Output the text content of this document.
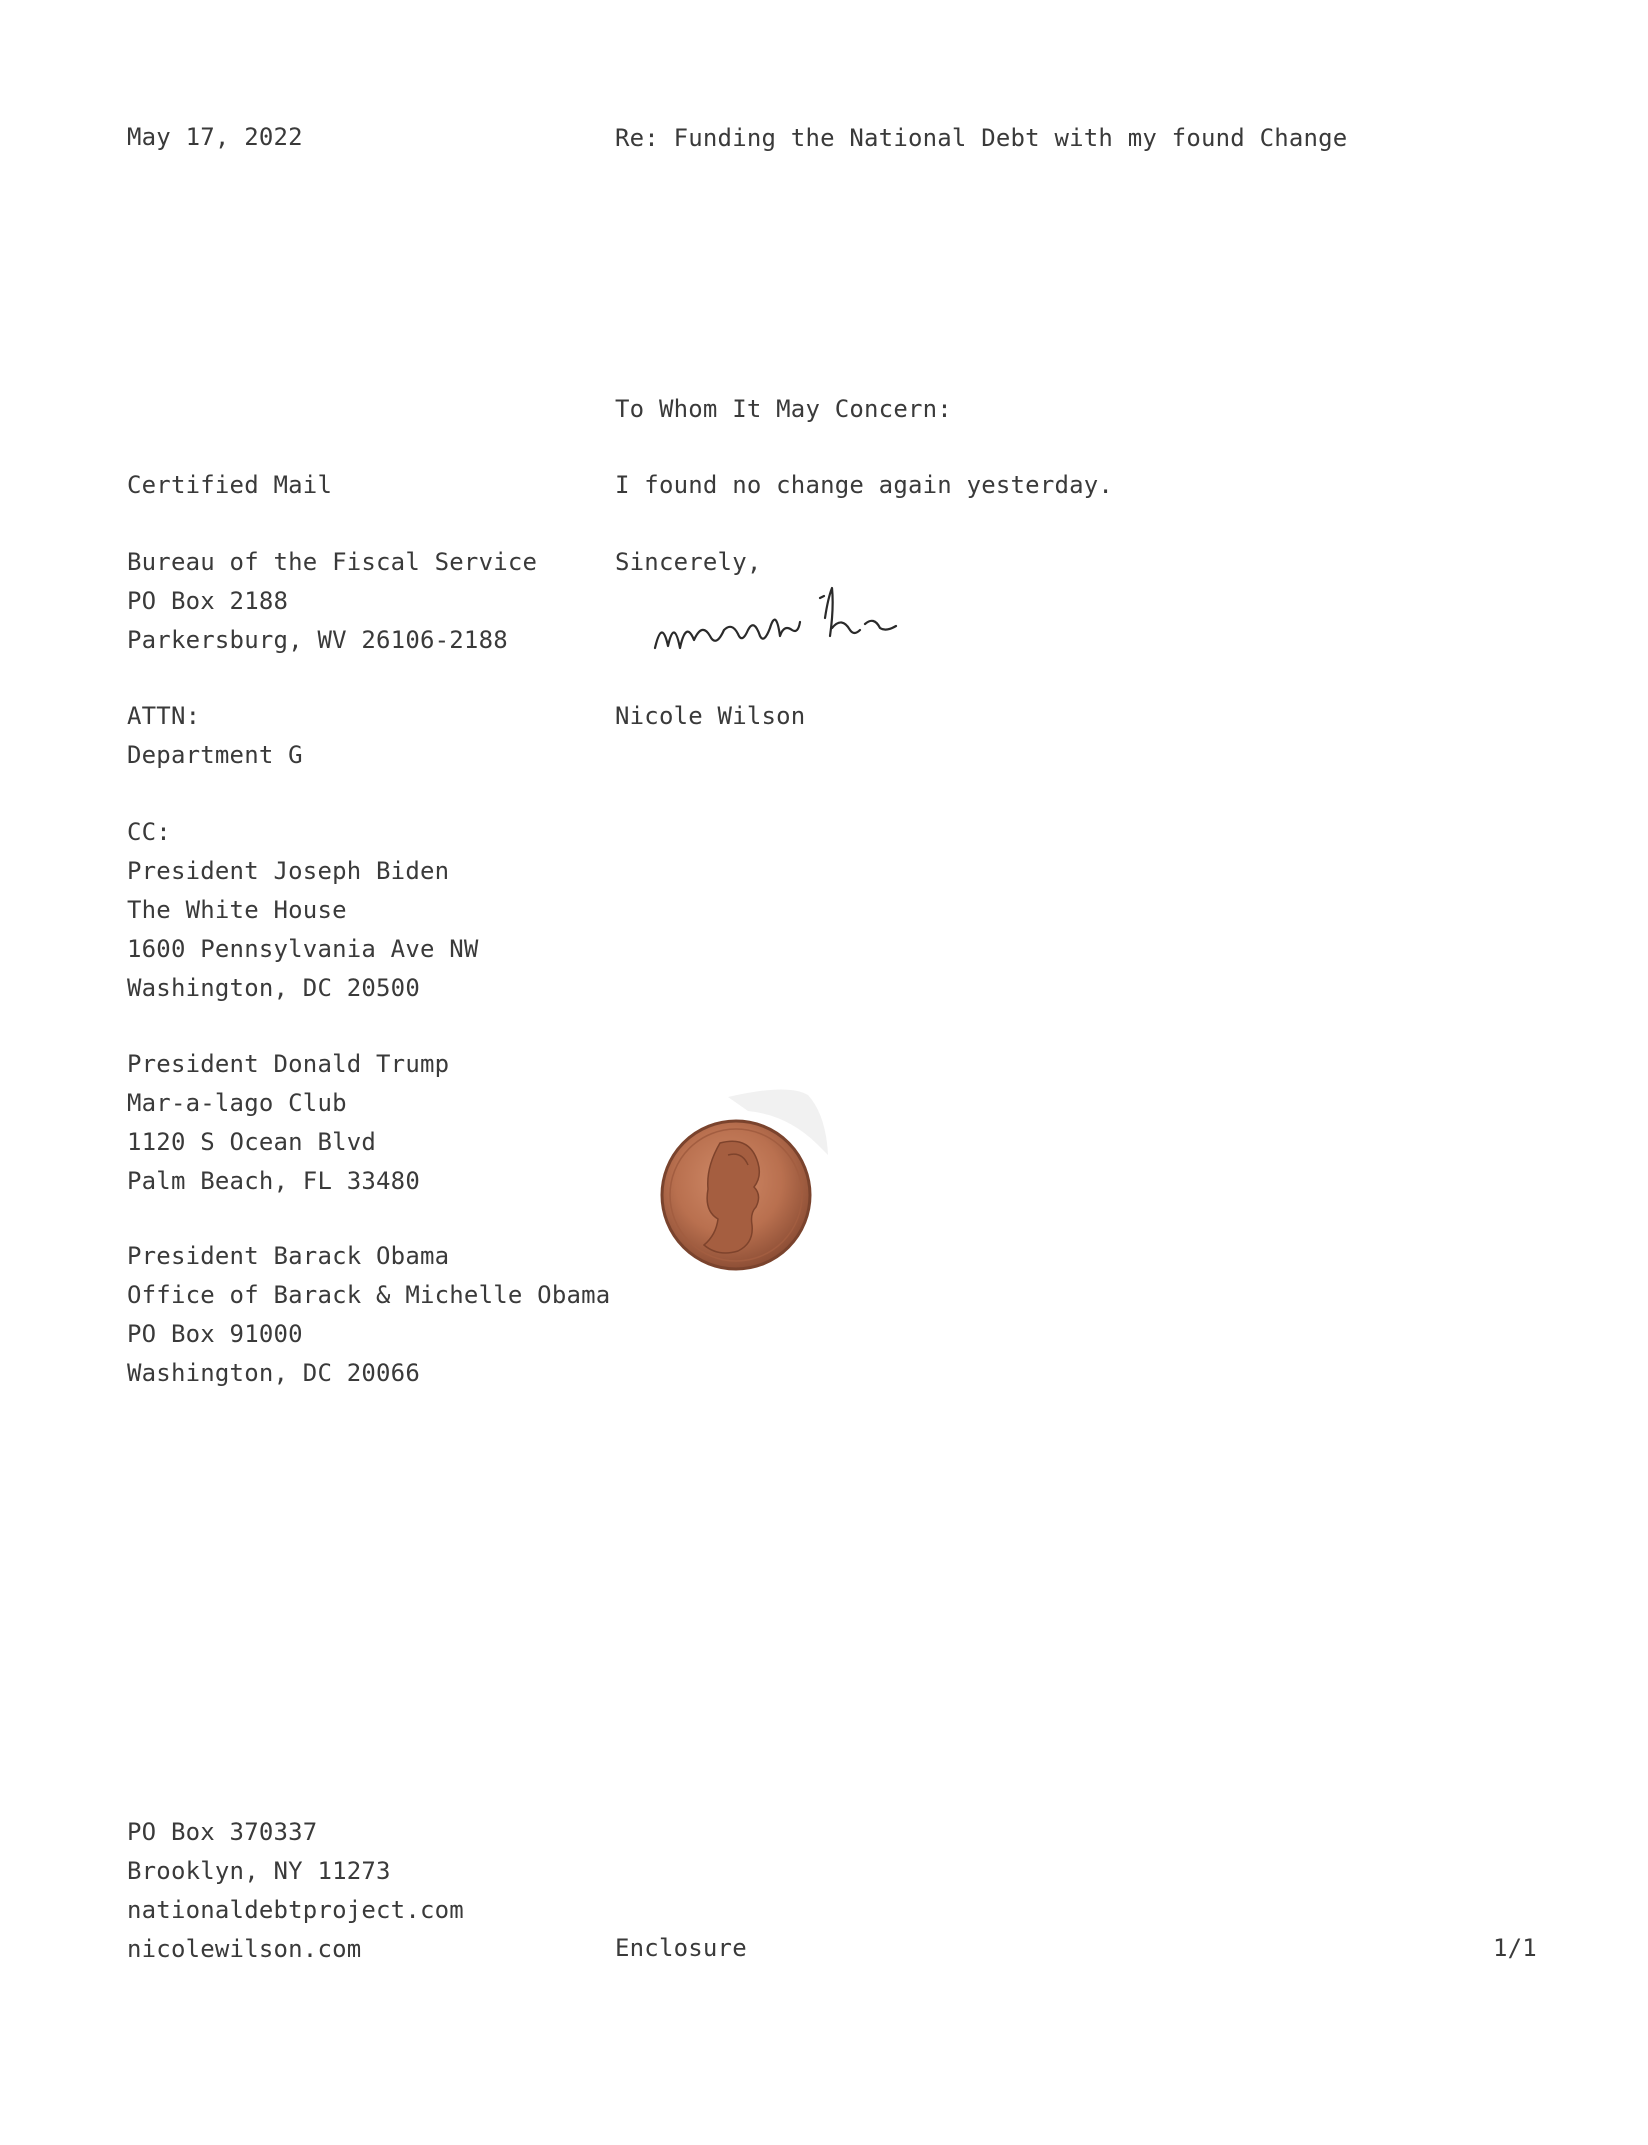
May 17, 2022	Re: Funding the National Debt with my found Change
To Whom It May Concern:
I found no change again yesterday.
Sincerely,
Nicole Wilson
Certified Mail
Bureau of the Fiscal Service
PO Box 2188
Parkersburg, WV 26106-2188
ATTN:
Department G
CC:
President Joseph Biden
The White House
1600 Pennsylvania Ave NW
Washington, DC 20500
President Donald Trump
Mar-a-lago Club
1120 S Ocean Blvd
Palm Beach, FL 33480
President Barack Obama
Office of Barack & Michelle Obama
PO Box 91000
Washington, DC 20066
PO Box 370337
Brooklyn, NY 11273
nationaldebtproject.com
nicolewilson.com	Enclosure	1/1
